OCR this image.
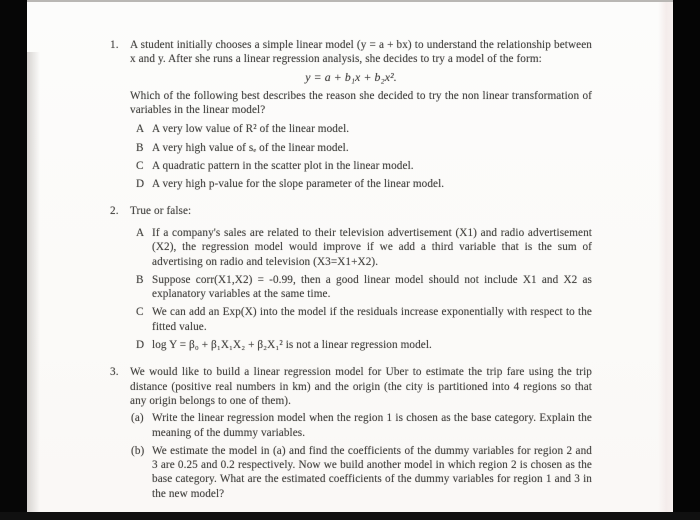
1.	A student initially chooses a simple linear model (y = a + bx) to understand the relationship between x and y. After she runs a linear regression analysis, she decides to try a model of the form:
y = a + b₁x + b₂x².
Which of the following best describes the reason she decided to try the non linear transformation of variables in the linear model?
A A very low value of R² of the linear model.
B A very high value of sₑ of the linear model.
C A quadratic pattern in the scatter plot in the linear model.
D A very high p-value for the slope parameter of the linear model.
2.	True or false:
A If a company's sales are related to their television advertisement (X1) and radio advertisement (X2), the regression model would improve if we add a third variable that is the sum of advertising on radio and television (X3=X1+X2).
B Suppose corr(X1,X2) = -0.99, then a good linear model should not include X1 and X2 as explanatory variables at the same time.
C We can add an Exp(X) into the model if the residuals increase exponentially with respect to the fitted value.
D log Y = β₀ + β₁X₁X₂ + β₂X₁² is not a linear regression model.
3.	We would like to build a linear regression model for Uber to estimate the trip fare using the trip distance (positive real numbers in km) and the origin (the city is partitioned into 4 regions so that any origin belongs to one of them).
(a) Write the linear regression model when the region 1 is chosen as the base category. Explain the meaning of the dummy variables.
(b) We estimate the model in (a) and find the coefficients of the dummy variables for region 2 and 3 are 0.25 and 0.2 respectively. Now we build another model in which region 2 is chosen as the base category. What are the estimated coefficients of the dummy variables for region 1 and 3 in the new model?
